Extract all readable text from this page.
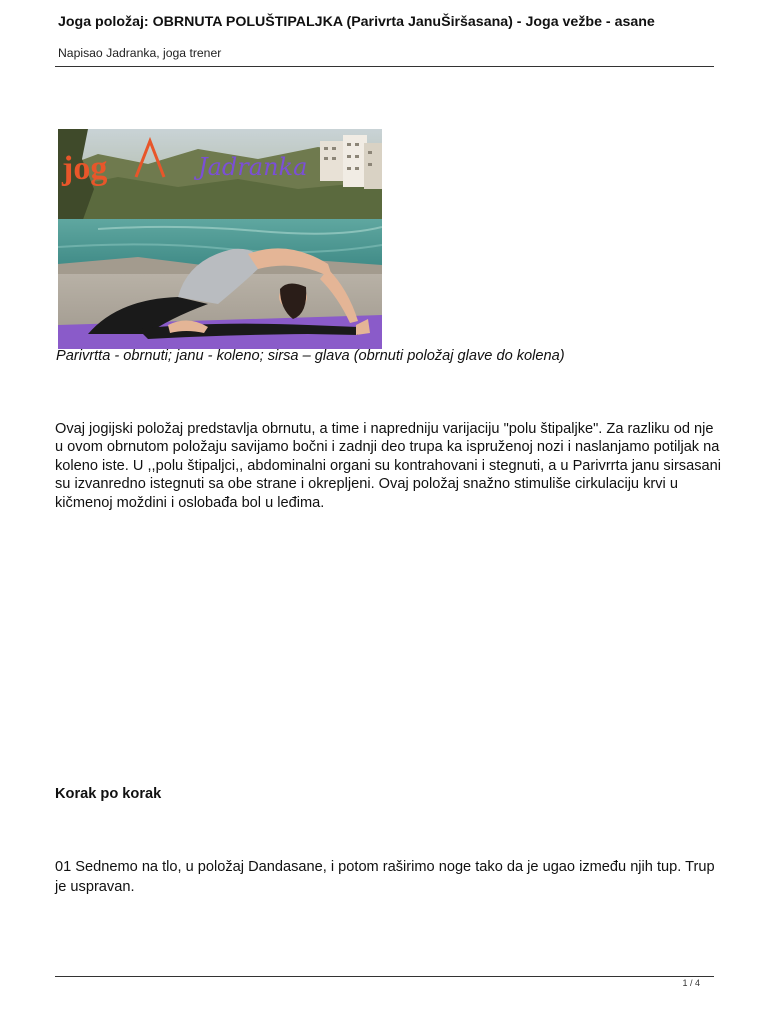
Joga položaj: OBRNUTA POLUŠTIPALJKA (Parivrta JanuŠiršasana) - Joga vežbe - asane
Napisao Jadranka, joga trener
jog	Jadranka
Parivrtta - obrnuti; janu - koleno; sirsa – glava (obrnuti položaj glave do kolena)

Ovaj jogijski položaj predstavlja obrnutu, a time i napredniju varijaciju "polu štipaljke". Za razliku od nje u ovom obrnutom položaju savijamo bočni i zadnji deo trupa ka ispruženoj nozi i naslanjamo potiljak na koleno iste. U ,,polu štipaljci,, abdominalni organi su kontrahovani i stegnuti, a u Parivrrta janu sirsasani su izvanredno istegnuti sa obe strane i okrepljeni. Ovaj položaj snažno stimuliše cirkulaciju krvi u kičmenoj moždini i oslobađa bol u leđima.

Korak po korak

01 Sednemo na tlo, u položaj Dandasane, i potom raširimo noge tako da je ugao između njih tup. Trup je uspravan.

1 / 4
